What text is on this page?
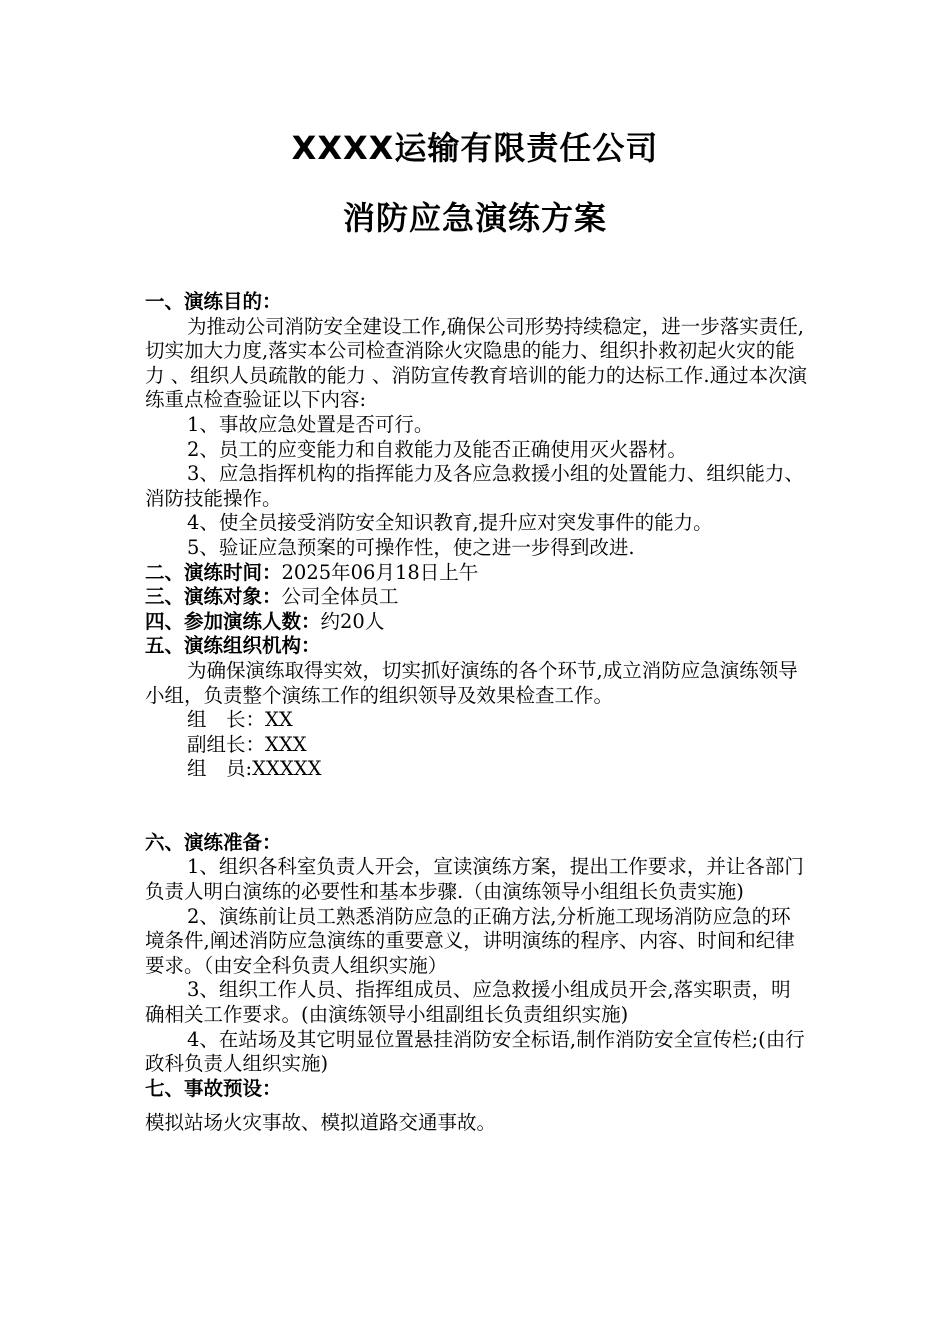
XXXX运输有限责任公司
消防应急演练方案

一、演练目的：

为推动公司消防安全建设工作,确保公司形势持续稳定，进一步落实责任,切实加大力度,落实本公司检查消除火灾隐患的能力、组织扑救初起火灾的能力 、组织人员疏散的能力 、消防宣传教育培训的能力的达标工作.通过本次演练重点检查验证以下内容:

1、事故应急处置是否可行。

2、员工的应变能力和自救能力及能否正确使用灭火器材。

3、应急指挥机构的指挥能力及各应急救援小组的处置能力、组织能力、消防技能操作。

4、使全员接受消防安全知识教育,提升应对突发事件的能力。

5、验证应急预案的可操作性，使之进一步得到改进.

二、演练时间：2025年06月18日上午

三、演练对象：公司全体员工

四、参加演练人数：约20人

五、演练组织机构：

为确保演练取得实效，切实抓好演练的各个环节,成立消防应急演练领导小组，负责整个演练工作的组织领导及效果检查工作。

组　长：XX

副组长：XXX

组　员:XXXXX

六、演练准备：

1、组织各科室负责人开会，宣读演练方案，提出工作要求，并让各部门负责人明白演练的必要性和基本步骤.（由演练领导小组组长负责实施)

2、演练前让员工熟悉消防应急的正确方法,分析施工现场消防应急的环境条件,阐述消防应急演练的重要意义，讲明演练的程序、内容、时间和纪律要求。（由安全科负责人组织实施）

3、组织工作人员、指挥组成员、应急救援小组成员开会,落实职责，明确相关工作要求。(由演练领导小组副组长负责组织实施)

4、在站场及其它明显位置悬挂消防安全标语,制作消防安全宣传栏;(由行政科负责人组织实施)

七、事故预设：

模拟站场火灾事故、模拟道路交通事故。
